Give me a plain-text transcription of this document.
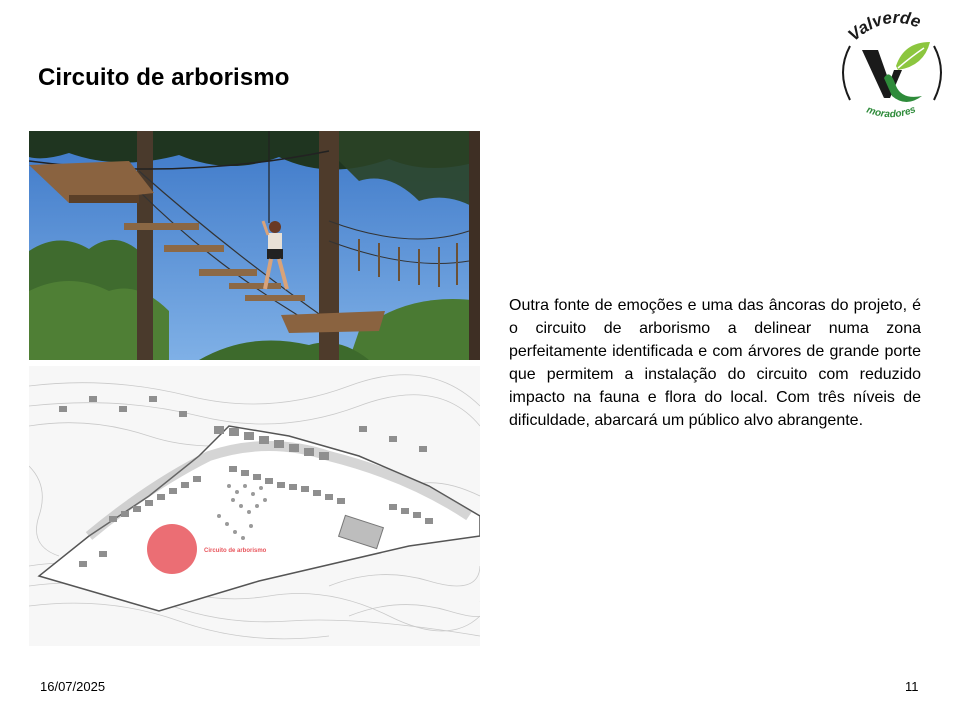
Circuito de arborismo
Valverde
moradores
Circuito de arborismo
Outra fonte de emoções e uma das âncoras do projeto, é o circuito de arborismo a delinear numa zona perfeitamente identificada e com árvores de grande porte que permitem a instalação do circuito com reduzido impacto na fauna e flora do local. Com três níveis de dificuldade, abarcará um público alvo abrangente.
16/07/2025	11
